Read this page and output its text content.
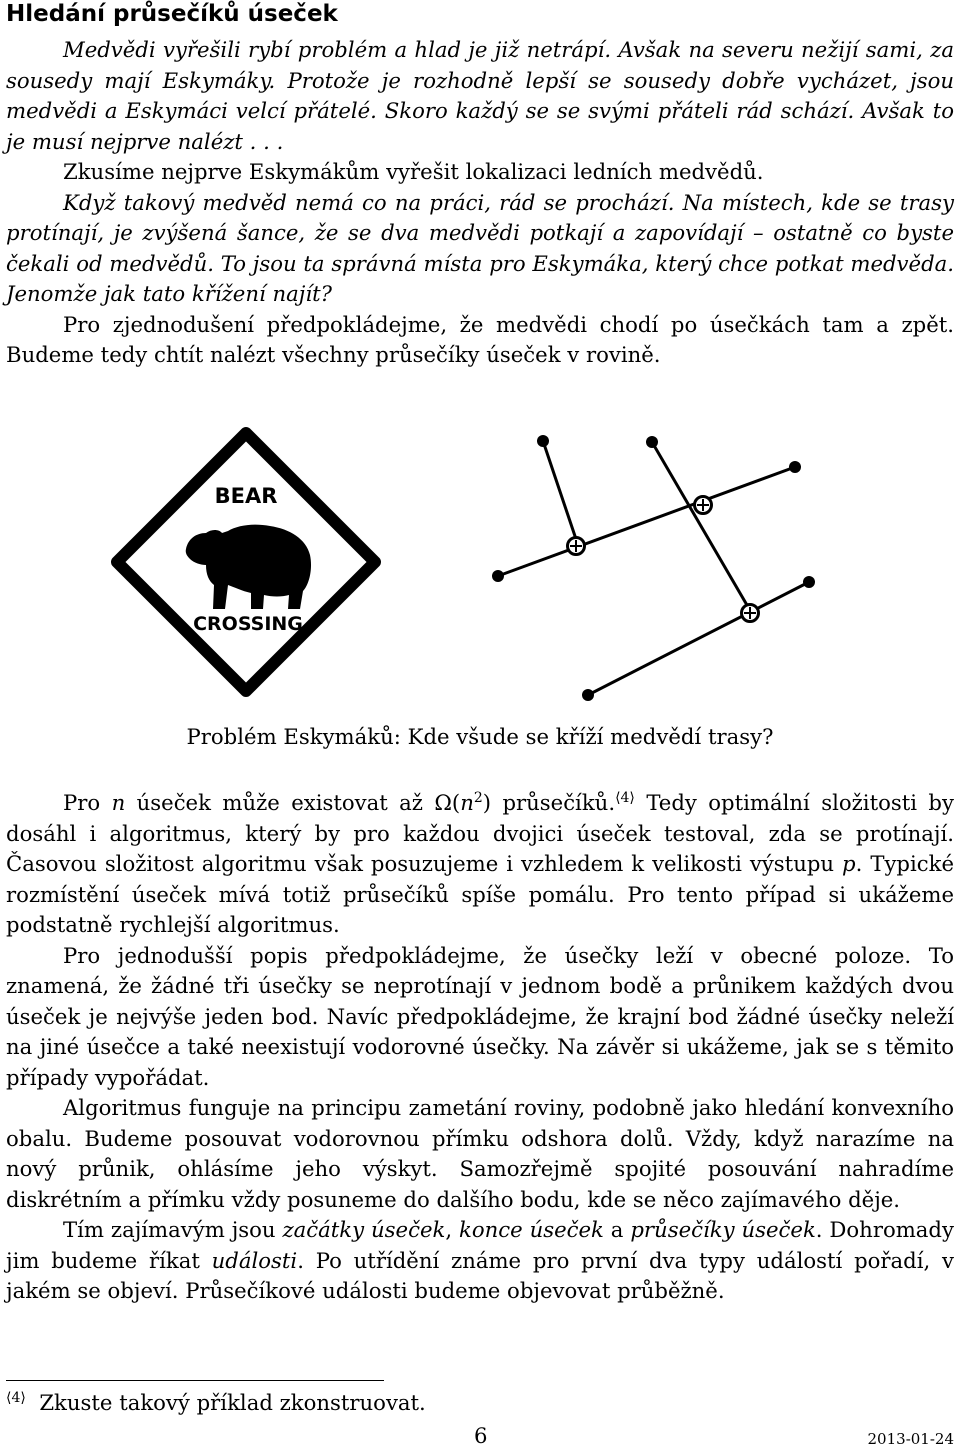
Hledání průsečíků úseček

Medvědi vyřešili rybí problém a hlad je již netrápí. Avšak na severu nežijí sami, za sousedy mají Eskymáky. Protože je rozhodně lepší se sousedy dobře vycházet, jsou medvědi a Eskymáci velcí přátelé. Skoro každý se se svými přáteli rád schází. Avšak to je musí nejprve nalézt . . .

Zkusíme nejprve Eskymákům vyřešit lokalizaci ledních medvědů.

Když takový medvěd nemá co na práci, rád se prochází. Na místech, kde se trasy protínají, je zvýšená šance, že se dva medvědi potkají a zapovídají – ostatně co byste čekali od medvědů. To jsou ta správná místa pro Eskymáka, který chce potkat medvěda. Jenomže jak tato křížení najít?

Pro zjednodušení předpokládejme, že medvědi chodí po úsečkách tam a zpět. Budeme tedy chtít nalézt všechny průsečíky úseček v rovině.

BEAR
CROSSING
Problém Eskymáků: Kde všude se kříží medvědí trasy?

Pro n úseček může existovat až $\Omega(n^2)$ průsečíků.$^{⟨4⟩}$ Tedy optimální složitosti by dosáhl i algoritmus, který by pro každou dvojici úseček testoval, zda se protínají. Časovou složitost algoritmu však posuzujeme i vzhledem k velikosti výstupu p. Typické rozmístění úseček mívá totiž průsečíků spíše pomálu. Pro tento případ si ukážeme podstatně rychlejší algoritmus.

Pro jednodušší popis předpokládejme, že úsečky leží v obecné poloze. To znamená, že žádné tři úsečky se neprotínají v jednom bodě a průnikem každých dvou úseček je nejvýše jeden bod. Navíc předpokládejme, že krajní bod žádné úsečky neleží na jiné úsečce a také neexistují vodorovné úsečky. Na závěr si ukážeme, jak se s těmito případy vypořádat.

Algoritmus funguje na principu zametání roviny, podobně jako hledání konvexního obalu. Budeme posouvat vodorovnou přímku odshora dolů. Vždy, když narazíme na nový průnik, ohlásíme jeho výskyt. Samozřejmě spojité posouvání nahradíme diskrétním a přímku vždy posuneme do dalšího bodu, kde se něco zajímavého děje.

Tím zajímavým jsou začátky úseček, konce úseček a průsečíky úseček. Dohromady jim budeme říkat události. Po utřídění známe pro první dva typy událostí pořadí, v jakém se objeví. Průsečíkové události budeme objevovat průběžně.

$^{⟨4⟩}$ Zkuste takový příklad zkonstruovat.
6	2013-01-24
